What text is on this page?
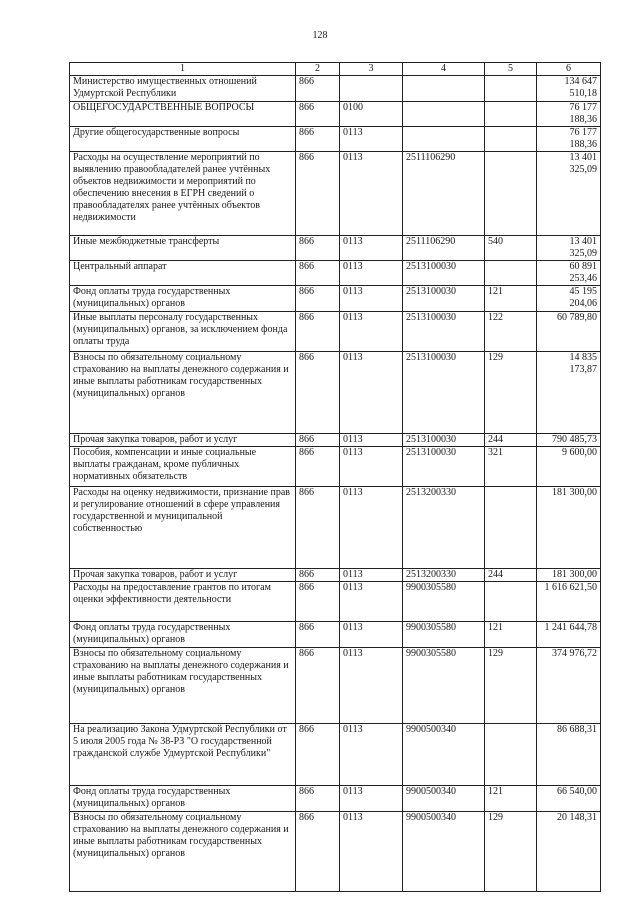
128
1	2	3	4	5	6
Министерство имущественных отношений Удмуртской Республики	866				134 647 510,18
ОБЩЕГОСУДАРСТВЕННЫЕ ВОПРОСЫ	866	0100			76 177 188,36
Другие общегосударственные вопросы	866	0113			76 177 188,36
Расходы на осуществление мероприятий по выявлению правообладателей ранее учтённых объектов недвижимости и мероприятий по обеспечению внесения в ЕГРН сведений о правообладателях ранее учтённых объектов недвижимости	866	0113	2511106290		13 401 325,09
Иные межбюджетные трансферты	866	0113	2511106290	540	13 401 325,09
Центральный аппарат	866	0113	2513100030		60 891 253,46
Фонд оплаты труда государственных (муниципальных) органов	866	0113	2513100030	121	45 195 204,06
Иные выплаты персоналу государственных (муниципальных) органов, за исключением фонда оплаты труда	866	0113	2513100030	122	60 789,80
Взносы по обязательному социальному страхованию на выплаты денежного содержания и иные выплаты работникам государственных (муниципальных) органов	866	0113	2513100030	129	14 835 173,87
Прочая закупка товаров, работ и услуг	866	0113	2513100030	244	790 485,73
Пособия, компенсации и иные социальные выплаты гражданам, кроме публичных нормативных обязательств	866	0113	2513100030	321	9 600,00
Расходы на оценку недвижимости, признание прав и регулирование отношений в сфере управления государственной и муниципальной собственностью	866	0113	2513200330		181 300,00
Прочая закупка товаров, работ и услуг	866	0113	2513200330	244	181 300,00
Расходы на предоставление грантов по итогам оценки эффективности деятельности	866	0113	9900305580		1 616 621,50
Фонд оплаты труда государственных (муниципальных) органов	866	0113	9900305580	121	1 241 644,78
Взносы по обязательному социальному страхованию на выплаты денежного содержания и иные выплаты работникам государственных (муниципальных) органов	866	0113	9900305580	129	374 976,72
На реализацию Закона Удмуртской Республики от 5 июля 2005 года № 38-РЗ "О государственной гражданской службе Удмуртской Республики"	866	0113	9900500340		86 688,31
Фонд оплаты труда государственных (муниципальных) органов	866	0113	9900500340	121	66 540,00
Взносы по обязательному социальному страхованию на выплаты денежного содержания и иные выплаты работникам государственных (муниципальных) органов	866	0113	9900500340	129	20 148,31
